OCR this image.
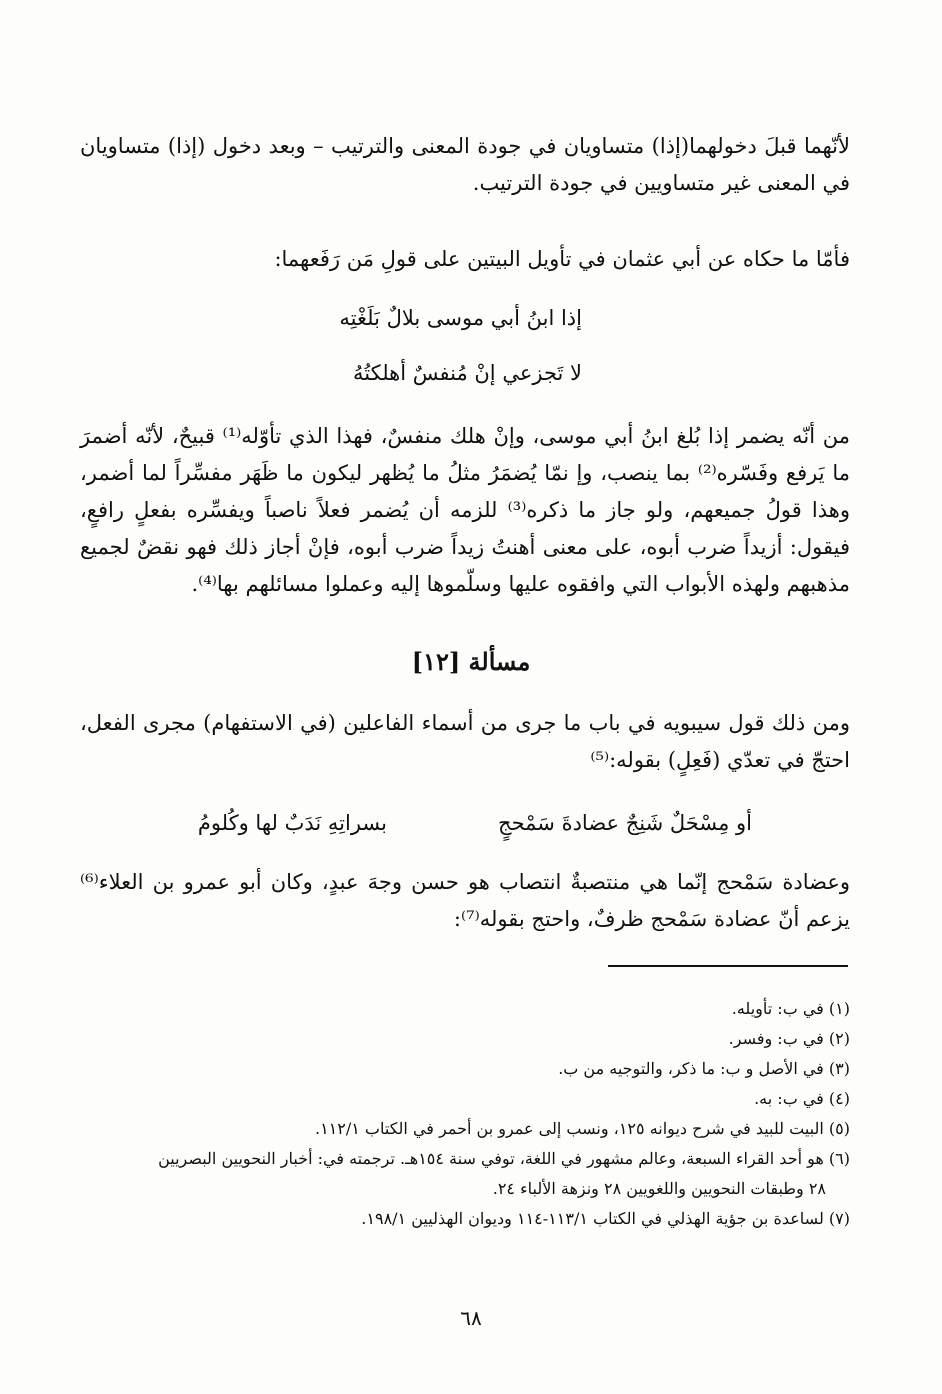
لأنّهما قبلَ دخولهما(إذا) متساويان في جودة المعنى والترتيب – وبعد دخول (إذا) متساويان في المعنى غير متساويين في جودة الترتيب.
فأمّا ما حكاه عن أبي عثمان في تأويل البيتين على قولِ مَن رَفَعهما:
إذا ابنُ أبي موسى بلالٌ بَلَغْتِه
لا تَجزعي إنْ مُنفسٌ أهلكتُهُ
من أنّه يضمر إذا بُلغ ابنُ أبي موسى، وإنْ هلك منفسٌ، فهذا الذي تأوّله⁽¹⁾ قبيحٌ، لأنّه أضمرَ ما يَرفع وفَسّره⁽²⁾ بما ينصب، وإ نمّا يُضمَرُ مثلُ ما يُظهر ليكون ما ظَهَر مفسِّراً لما أضمر، وهذا قولُ جميعهم، ولو جاز ما ذكره⁽³⁾ للزمه أن يُضمر فعلاً ناصباً ويفسِّره بفعلٍ رافعٍ، فيقول: أزيداً ضرب أبوه، على معنى أهنتُ زيداً ضرب أبوه، فإنْ أجاز ذلك فهو نقضٌ لجميع مذهبهم ولهذه الأبواب التي وافقوه عليها وسلّموها إليه وعملوا مسائلهم بها⁽⁴⁾.
مسألة [١٢]
ومن ذلك قول سيبويه في باب ما جرى من أسماء الفاعلين (في الاستفهام) مجرى الفعل، احتجّ في تعدّي (فَعِلٍ) بقوله:⁽⁵⁾
أو مِسْحَلٌ شَنِجٌ عضادةَ سَمْحجٍ
بسراتِهِ نَدَبٌ لها وكُلومُ
وعضادة سَمْحج إنّما هي منتصبةٌ انتصاب هو حسن وجهَ عبدٍ، وكان أبو عمرو بن العلاء⁽⁶⁾ يزعم أنّ عضادة سَمْحج ظرفٌ، واحتج بقوله⁽⁷⁾:
(١) في ب: تأويله.
(٢) في ب: وفسر.
(٣) في الأصل و ب: ما ذكر، والتوجيه من ب.
(٤) في ب: به.
(٥) البيت للبيد في شرح ديوانه ١٢٥، ونسب إلى عمرو بن أحمر في الكتاب ١١٢/١.
(٦) هو أحد القراء السبعة، وعالم مشهور في اللغة، توفي سنة ١٥٤هـ. ترجمته في: أخبار النحويين البصريين
٢٨ وطبقات النحويين واللغويين ٢٨ ونزهة الألباء ٢٤.
(٧) لساعدة بن جؤية الهذلي في الكتاب ١١٣/١-١١٤ وديوان الهذليين ١٩٨/١.
٦٨
